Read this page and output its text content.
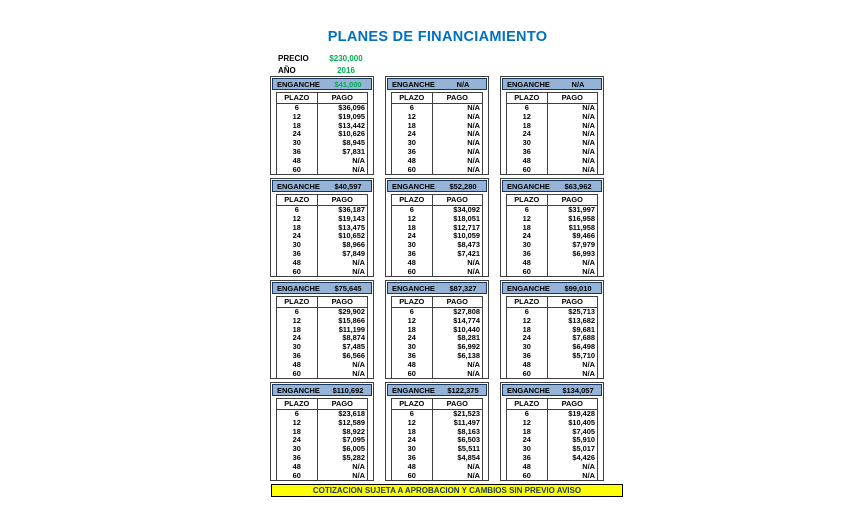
PLANES DE FINANCIAMIENTO
PRECIO	$230,000
AÑO	2016
ENGANCHE	$41,000
PLAZO	PAGO
6	$36,096
12	$19,095
18	$13,442
24	$10,626
30	$8,945
36	$7,831
48	N/A
60	N/A
ENGANCHE	N/A
PLAZO	PAGO
6	N/A
12	N/A
18	N/A
24	N/A
30	N/A
36	N/A
48	N/A
60	N/A
ENGANCHE	N/A
PLAZO	PAGO
6	N/A
12	N/A
18	N/A
24	N/A
30	N/A
36	N/A
48	N/A
60	N/A
ENGANCHE	$40,597
PLAZO	PAGO
6	$36,187
12	$19,143
18	$13,475
24	$10,652
30	$8,966
36	$7,849
48	N/A
60	N/A
ENGANCHE	$52,280
PLAZO	PAGO
6	$34,092
12	$18,051
18	$12,717
24	$10,059
30	$8,473
36	$7,421
48	N/A
60	N/A
ENGANCHE	$63,962
PLAZO	PAGO
6	$31,997
12	$16,958
18	$11,958
24	$9,466
30	$7,979
36	$6,993
48	N/A
60	N/A
ENGANCHE	$75,645
PLAZO	PAGO
6	$29,902
12	$15,866
18	$11,199
24	$8,874
30	$7,485
36	$6,566
48	N/A
60	N/A
ENGANCHE	$87,327
PLAZO	PAGO
6	$27,808
12	$14,774
18	$10,440
24	$8,281
30	$6,992
36	$6,138
48	N/A
60	N/A
ENGANCHE	$99,010
PLAZO	PAGO
6	$25,713
12	$13,682
18	$9,681
24	$7,688
30	$6,498
36	$5,710
48	N/A
60	N/A
ENGANCHE	$110,692
PLAZO	PAGO
6	$23,618
12	$12,589
18	$8,922
24	$7,095
30	$6,005
36	$5,282
48	N/A
60	N/A
ENGANCHE	$122,375
PLAZO	PAGO
6	$21,523
12	$11,497
18	$8,163
24	$6,503
30	$5,511
36	$4,854
48	N/A
60	N/A
ENGANCHE	$134,057
PLAZO	PAGO
6	$19,428
12	$10,405
18	$7,405
24	$5,910
30	$5,017
36	$4,426
48	N/A
60	N/A
COTIZACION SUJETA A APROBACION Y CAMBIOS SIN PREVIO AVISO
